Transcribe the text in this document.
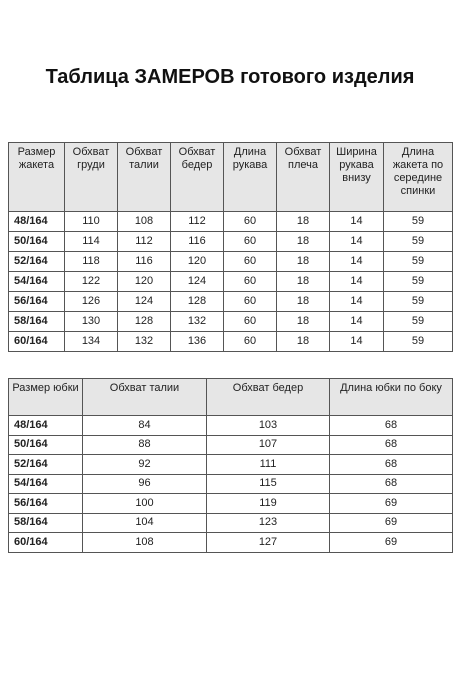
Таблица ЗАМЕРОВ готового изделия
Размер жакета	Обхват груди	Обхват талии	Обхват бедер	Длина рукава	Обхват плеча	Ширина рукава внизу	Длина жакета по середине спинки
48/164	110	108	112	60	18	14	59
50/164	114	112	116	60	18	14	59
52/164	118	116	120	60	18	14	59
54/164	122	120	124	60	18	14	59
56/164	126	124	128	60	18	14	59
58/164	130	128	132	60	18	14	59
60/164	134	132	136	60	18	14	59
Размер юбки	Обхват талии	Обхват бедер	Длина юбки по боку
48/164	84	103	68
50/164	88	107	68
52/164	92	111	68
54/164	96	115	68
56/164	100	119	69
58/164	104	123	69
60/164	108	127	69
